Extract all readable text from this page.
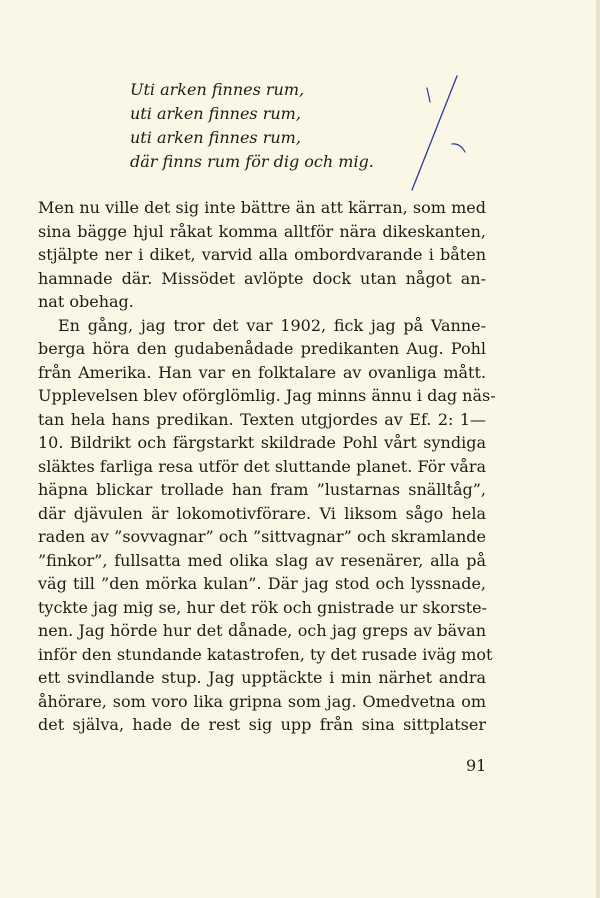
Uti arken finnes rum,
uti arken finnes rum,
uti arken finnes rum,
där finns rum för dig och mig.
Men nu ville det sig inte bättre än att kärran, som med
sina bägge hjul råkat komma alltför nära dikeskanten,
stjälpte ner i diket, varvid alla ombordvarande i båten
hamnade där. Missödet avlöpte dock utan något an-
nat obehag.
En gång, jag tror det var 1902, fick jag på Vanne-
berga höra den gudabenådade predikanten Aug. Pohl
från Amerika. Han var en folktalare av ovanliga mått.
Upplevelsen blev oförglömlig. Jag minns ännu i dag näs-
tan hela hans predikan. Texten utgjordes av Ef. 2: 1—
10. Bildrikt och färgstarkt skildrade Pohl vårt syndiga
släktes farliga resa utför det sluttande planet. För våra
häpna blickar trollade han fram ”lustarnas snälltåg”,
där djävulen är lokomotivförare. Vi liksom sågo hela
raden av ”sovvagnar” och ”sittvagnar” och skramlande
”finkor”, fullsatta med olika slag av resenärer, alla på
väg till ”den mörka kulan”. Där jag stod och lyssnade,
tyckte jag mig se, hur det rök och gnistrade ur skorste-
nen. Jag hörde hur det dånade, och jag greps av bävan
inför den stundande katastrofen, ty det rusade iväg mot
ett svindlande stup. Jag upptäckte i min närhet andra
åhörare, som voro lika gripna som jag. Omedvetna om
det själva, hade de rest sig upp från sina sittplatser
91
